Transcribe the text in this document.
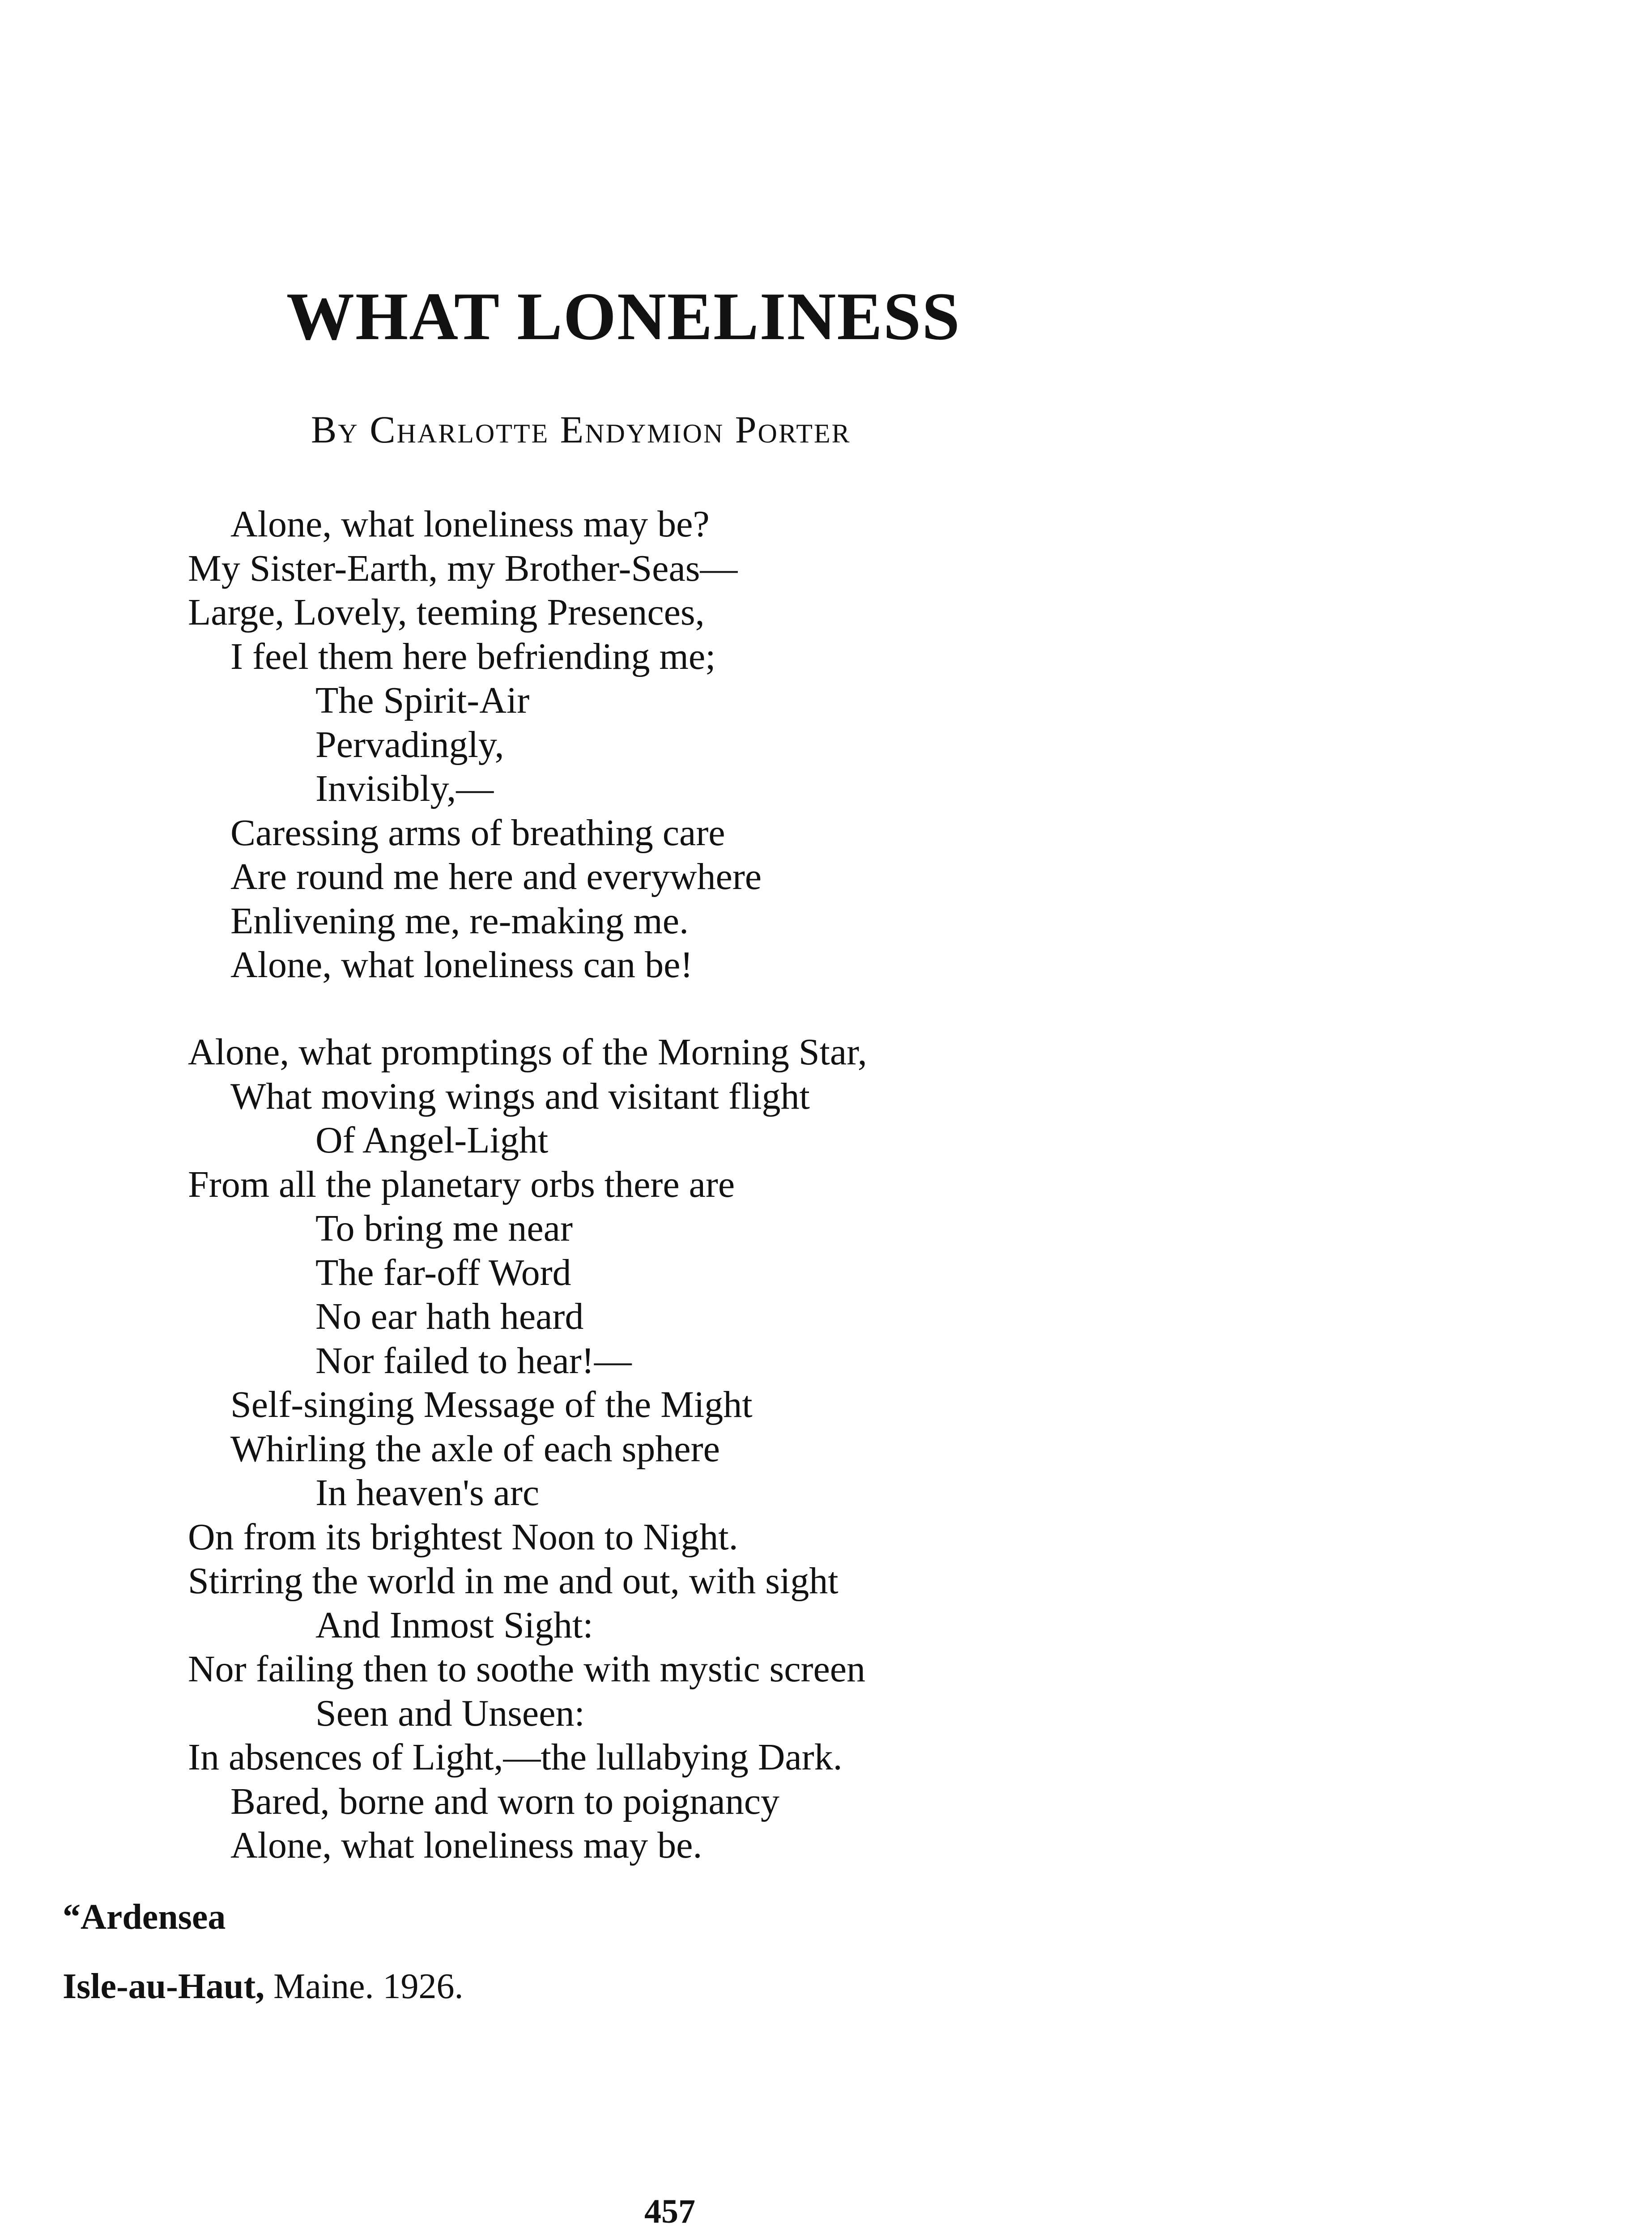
WHAT LONELINESS
By Charlotte Endymion Porter
Alone, what loneliness may be?
My Sister-Earth, my Brother-Seas—
Large, Lovely, teeming Presences,
I feel them here befriending me;
The Spirit-Air
Pervadingly,
Invisibly,—
Caressing arms of breathing care
Are round me here and everywhere
Enlivening me, re-making me.
Alone, what loneliness can be!
Alone, what promptings of the Morning Star,
What moving wings and visitant flight
Of Angel-Light
From all the planetary orbs there are
To bring me near
The far-off Word
No ear hath heard
Nor failed to hear!—
Self-singing Message of the Might
Whirling the axle of each sphere
In heaven's arc
On from its brightest Noon to Night.
Stirring the world in me and out, with sight
And Inmost Sight:
Nor failing then to soothe with mystic screen
Seen and Unseen:
In absences of Light,—the lullabying Dark.
Bared, borne and worn to poignancy
Alone, what loneliness may be.
“Ardensea
Isle-au-Haut, Maine. 1926.
457
